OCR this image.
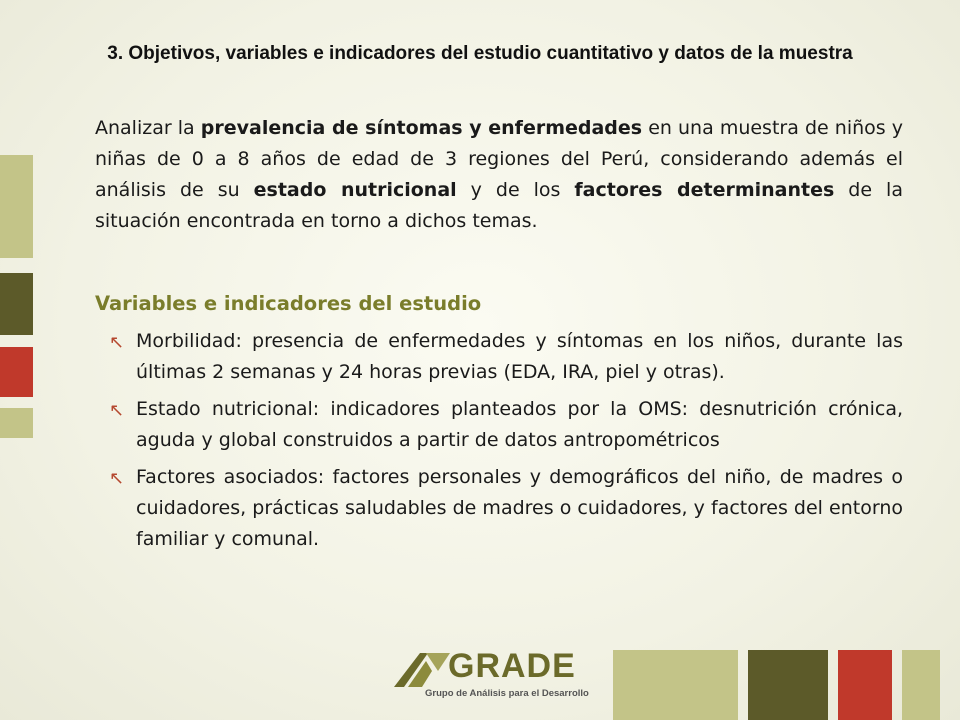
3. Objetivos, variables e indicadores del estudio cuantitativo y datos de la muestra

Analizar la prevalencia de síntomas y enfermedades en una muestra de niños y niñas de 0 a 8 años de edad de 3 regiones del Perú, considerando además el análisis de su estado nutricional y de los factores determinantes de la situación encontrada en torno a dichos temas.

Variables e indicadores del estudio
↖ Morbilidad: presencia de enfermedades y síntomas en los niños, durante las últimas 2 semanas y 24 horas previas (EDA, IRA, piel y otras).
↖ Estado nutricional: indicadores planteados por la OMS: desnutrición crónica, aguda y global construidos a partir de datos antropométricos
↖ Factores asociados: factores personales y demográficos del niño, de madres o cuidadores, prácticas saludables de madres o cuidadores, y factores del entorno familiar y comunal.
GRADE
Grupo de Análisis para el Desarrollo
